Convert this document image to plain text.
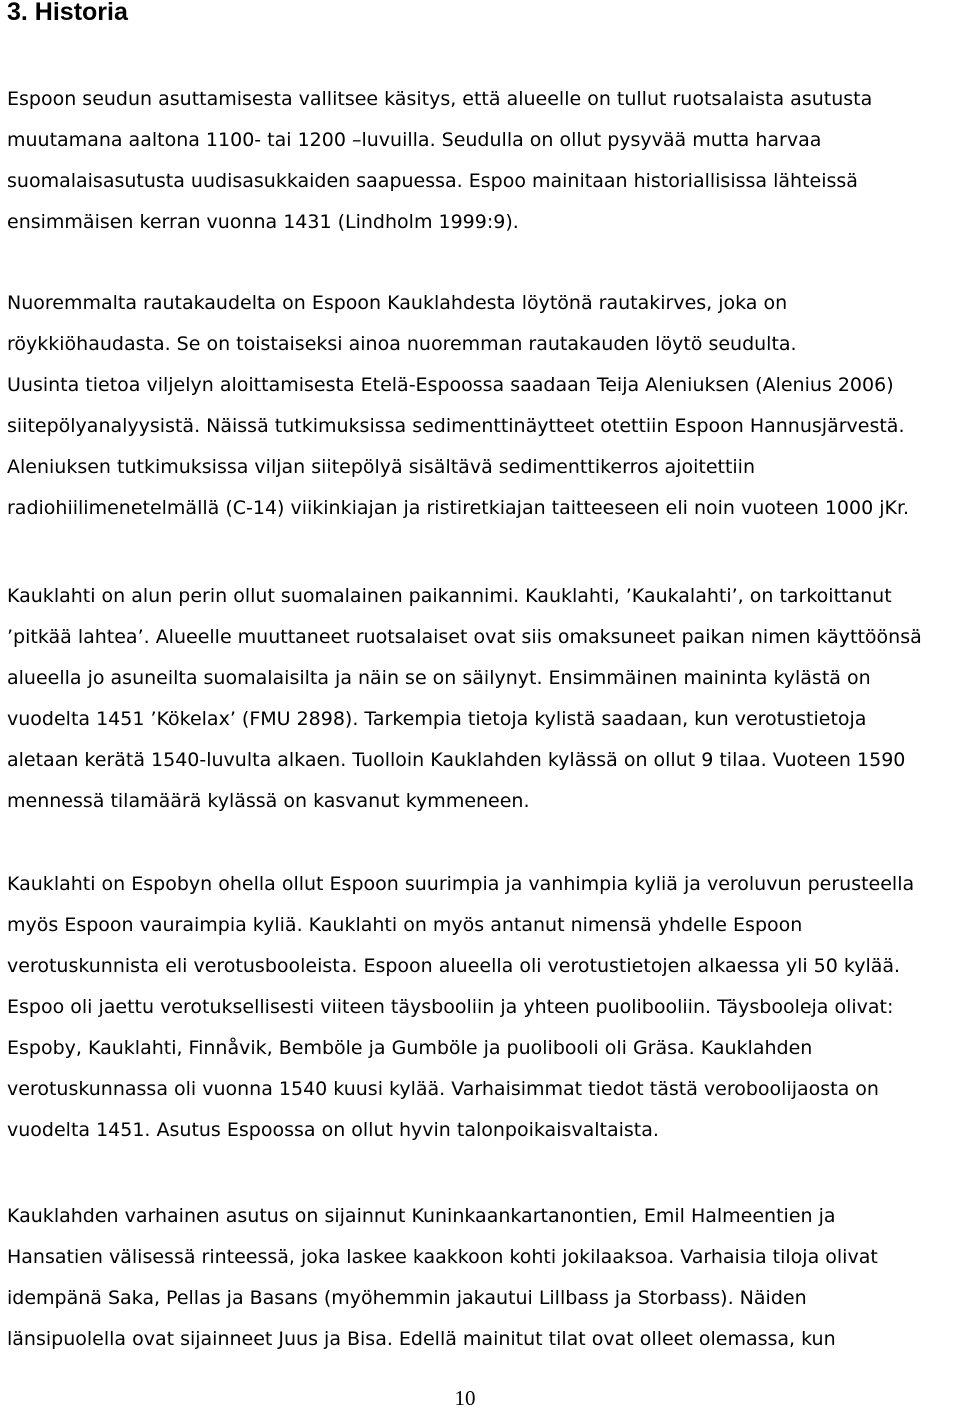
3. Historia
Espoon seudun asuttamisesta vallitsee käsitys, että alueelle on tullut ruotsalaista asutusta
muutamana aaltona 1100- tai 1200 –luvuilla. Seudulla on ollut pysyvää mutta harvaa
suomalaisasutusta uudisasukkaiden saapuessa. Espoo mainitaan historiallisissa lähteissä
ensimmäisen kerran vuonna 1431 (Lindholm 1999:9).
Nuoremmalta rautakaudelta on Espoon Kauklahdesta löytönä rautakirves, joka on
röykkiöhaudasta. Se on toistaiseksi ainoa nuoremman rautakauden löytö seudulta.
Uusinta tietoa viljelyn aloittamisesta Etelä-Espoossa saadaan Teija Aleniuksen (Alenius 2006)
siitepölyanalyysistä. Näissä tutkimuksissa sedimenttinäytteet otettiin Espoon Hannusjärvestä.
Aleniuksen tutkimuksissa viljan siitepölyä sisältävä sedimenttikerros ajoitettiin
radiohiilimenetelmällä (C-14) viikinkiajan ja ristiretkiajan taitteeseen eli noin vuoteen 1000 jKr.
Kauklahti on alun perin ollut suomalainen paikannimi. Kauklahti, ’Kaukalahti’, on tarkoittanut
’pitkää lahtea’. Alueelle muuttaneet ruotsalaiset ovat siis omaksuneet paikan nimen käyttöönsä
alueella jo asuneilta suomalaisilta ja näin se on säilynyt. Ensimmäinen maininta kylästä on
vuodelta 1451 ’Kökelax’ (FMU 2898). Tarkempia tietoja kylistä saadaan, kun verotustietoja
aletaan kerätä 1540-luvulta alkaen. Tuolloin Kauklahden kylässä on ollut 9 tilaa. Vuoteen 1590
mennessä tilamäärä kylässä on kasvanut kymmeneen.
Kauklahti on Espobyn ohella ollut Espoon suurimpia ja vanhimpia kyliä ja veroluvun perusteella
myös Espoon vauraimpia kyliä. Kauklahti on myös antanut nimensä yhdelle Espoon
verotuskunnista eli verotusbooleista. Espoon alueella oli verotustietojen alkaessa yli 50 kylää.
Espoo oli jaettu verotuksellisesti viiteen täysbooliin ja yhteen puolibooliin. Täysbooleja olivat:
Espoby, Kauklahti, Finnåvik, Bemböle ja Gumböle ja puolibooli oli Gräsa. Kauklahden
verotuskunnassa oli vuonna 1540 kuusi kylää. Varhaisimmat tiedot tästä veroboolijaosta on
vuodelta 1451. Asutus Espoossa on ollut hyvin talonpoikaisvaltaista.
Kauklahden varhainen asutus on sijainnut Kuninkaankartanontien, Emil Halmeentien ja
Hansatien välisessä rinteessä, joka laskee kaakkoon kohti jokilaaksoa. Varhaisia tiloja olivat
idempänä Saka, Pellas ja Basans (myöhemmin jakautui Lillbass ja Storbass). Näiden
länsipuolella ovat sijainneet Juus ja Bisa. Edellä mainitut tilat ovat olleet olemassa, kun

10
